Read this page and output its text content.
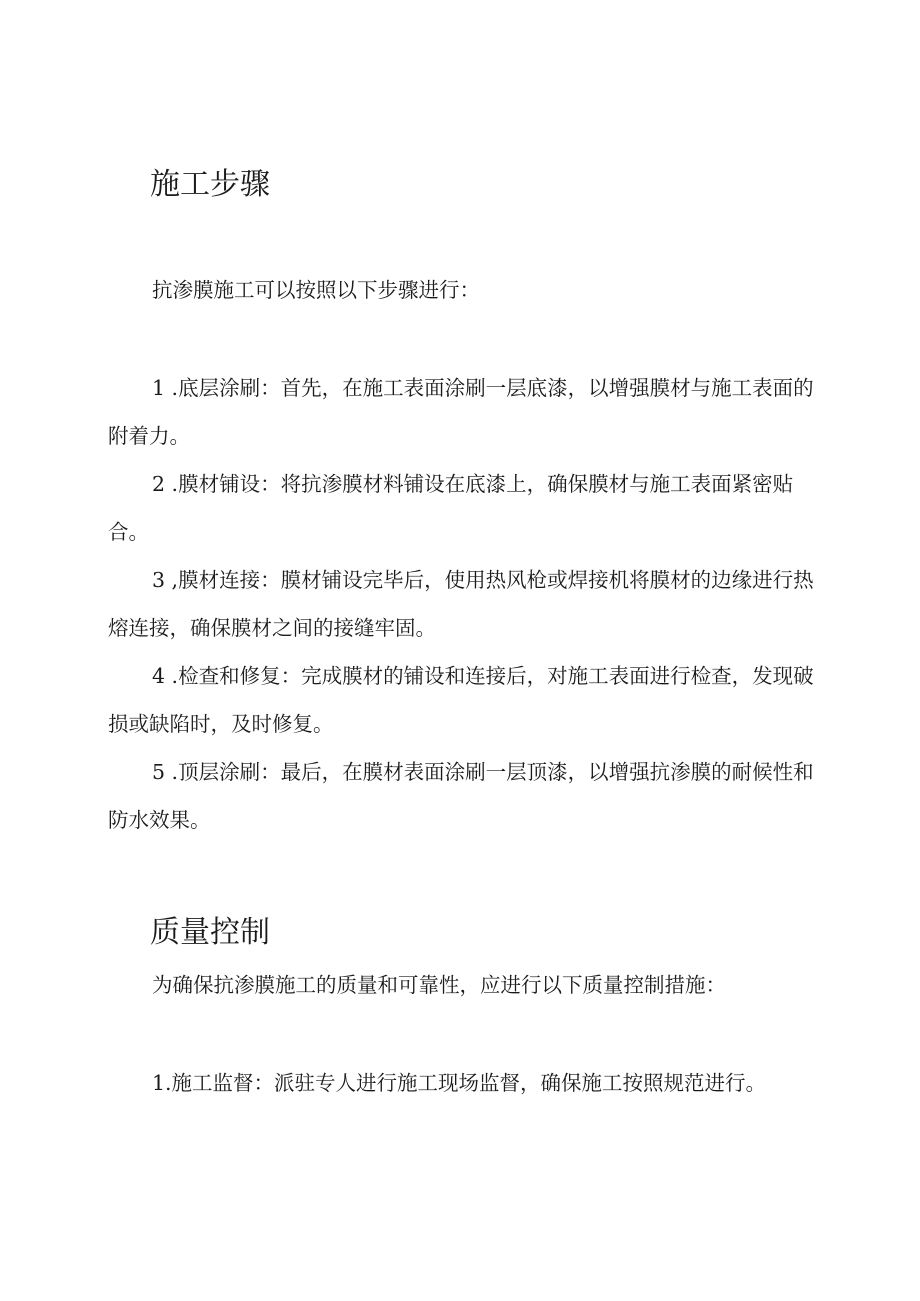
施工步骤

抗渗膜施工可以按照以下步骤进行：

1 .底层涂刷：首先，在施工表面涂刷一层底漆，以增强膜材与施工表面的附着力。

2 .膜材铺设：将抗渗膜材料铺设在底漆上，确保膜材与施工表面紧密贴合。

3 ,膜材连接：膜材铺设完毕后，使用热风枪或焊接机将膜材的边缘进行热熔连接，确保膜材之间的接缝牢固。

4 .检查和修复：完成膜材的铺设和连接后，对施工表面进行检查，发现破损或缺陷时，及时修复。

5 .顶层涂刷：最后，在膜材表面涂刷一层顶漆，以增强抗渗膜的耐候性和防水效果。

质量控制

为确保抗渗膜施工的质量和可靠性，应进行以下质量控制措施：

1.施工监督：派驻专人进行施工现场监督，确保施工按照规范进行。
